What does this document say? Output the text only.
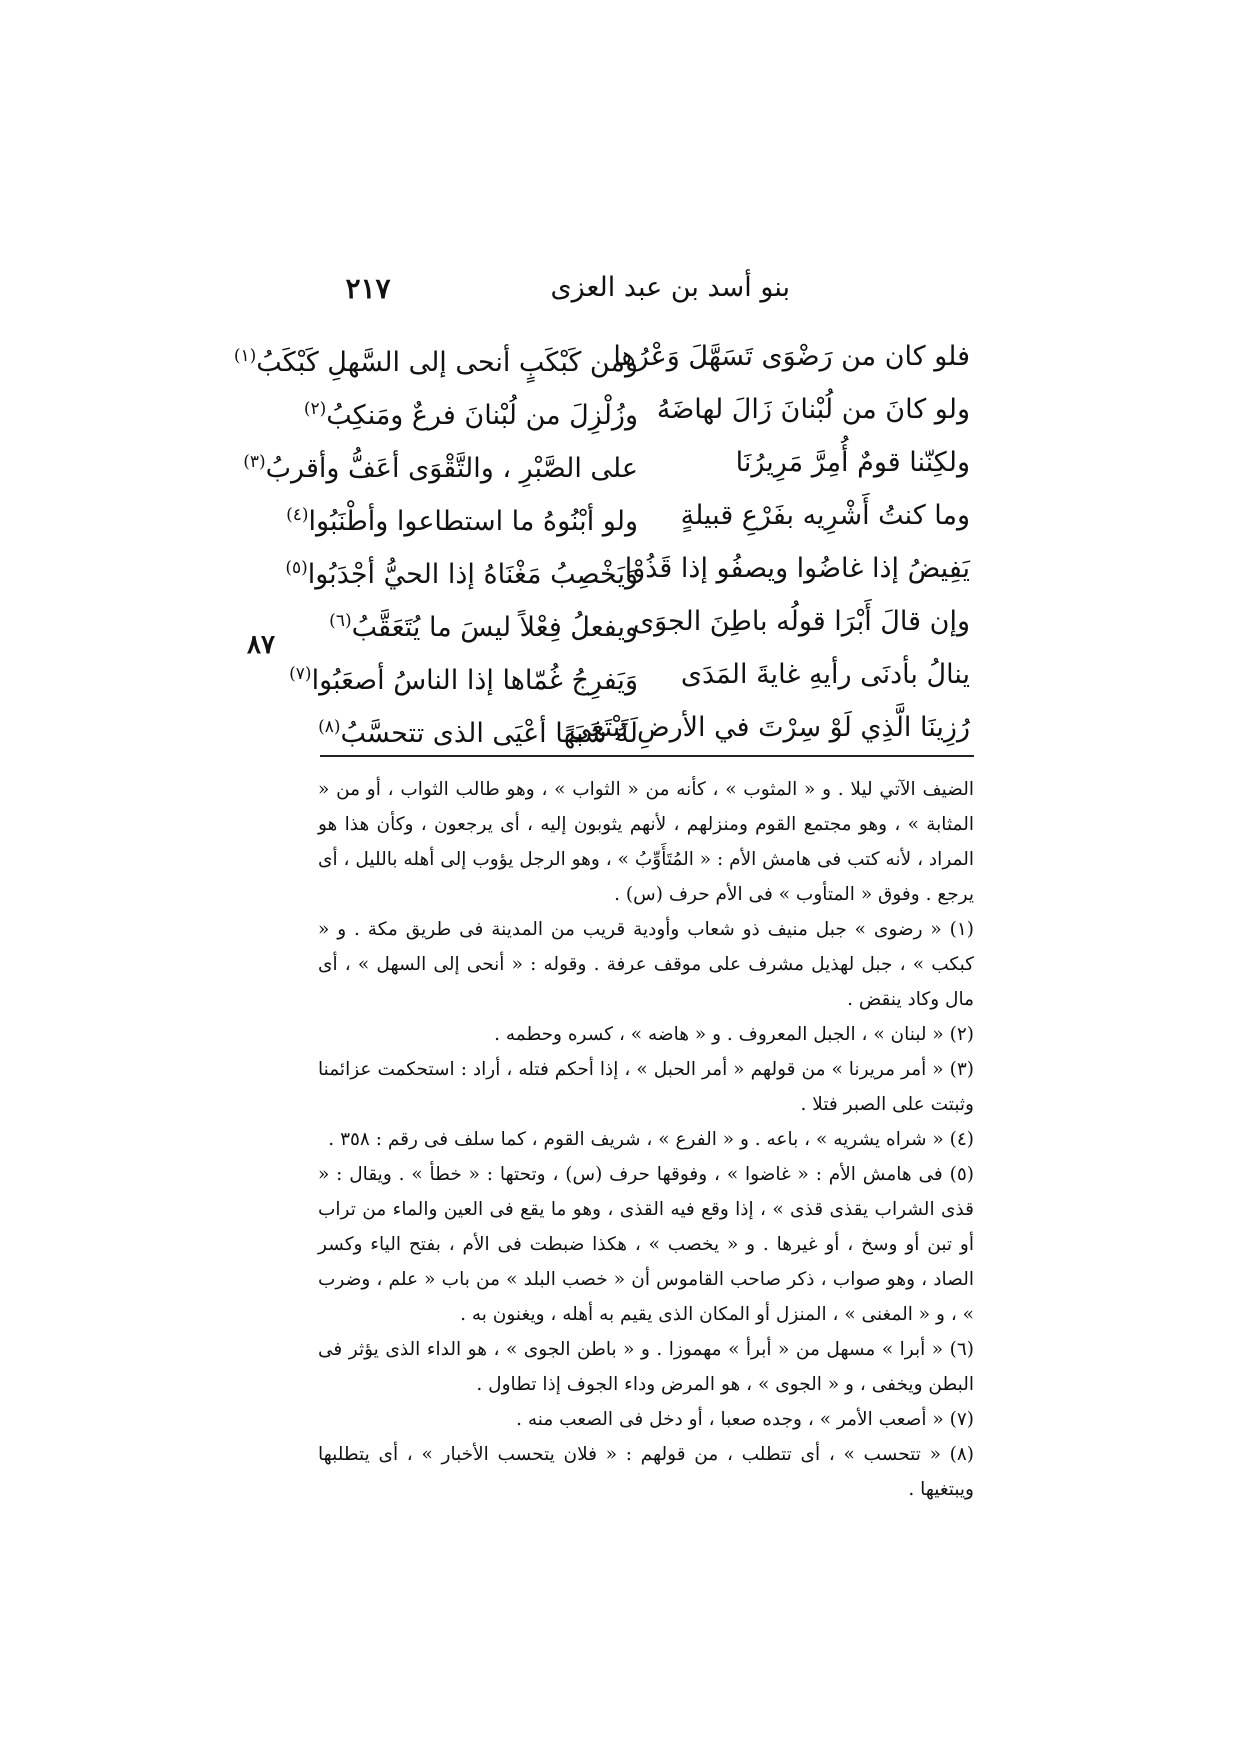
بنو أسد بن عبد العزى
٢١٧
٨٧
فلو كان من رَضْوَى تَسَهَّلَ وَعْرُها
ومن كَبْكَبٍ أنحى إلى السَّهلِ كَبْكَبُ$^{(١)}$
ولو كانَ من لُبْنانَ زَالَ لهاضَهُ
وزُلْزِلَ من لُبْنانَ فرعٌ ومَنكِبُ$^{(٢)}$
ولكِنّنا قومٌ أُمِرَّ مَرِيرُنَا
على الصَّبْرِ ، والتَّقْوَى أعَفُّ وأقربُ$^{(٣)}$
وما كنتُ أَشْرِيه بفَرْعِ قبيلةٍ
ولو أبْنُوهُ ما استطاعوا وأطْنَبُوا$^{(٤)}$
يَفِيضُ إذا غاضُوا ويصفُو إذا قَذُوْا
وَيَخْصِبُ مَغْنَاهُ إذا الحيُّ أجْدَبُوا$^{(٥)}$
وإن قالَ أَبْرَا قولُه باطِنَ الجوَى
ويفعلُ فِعْلاً ليسَ ما يُتَعَقَّبُ$^{(٦)}$
ينالُ بأدنَى رأيهِ غايةَ المَدَى
وَيَفرِجُ غُمّاها إذا الناسُ أصعَبُوا$^{(٧)}$
رُزِينَا الَّذِي لَوْ سِرْتَ في الأرضِ تَبْتَغِي
لَهُ شَبَهًا أعْيَى الذى تتحسَّبُ$^{(٨)}$

الضيف الآتي ليلا . و « المثوب » ، كأنه من « الثواب » ، وهو طالب الثواب ، أو من « المثابة » ، وهو مجتمع القوم ومنزلهم ، لأنهم يثوبون إليه ، أى يرجعون ، وكأن هذا هو المراد ، لأنه كتب فى هامش الأم : « المُتَأَوِّبُ » ، وهو الرجل يؤوب إلى أهله بالليل ، أى يرجع . وفوق « المتأوب » فى الأم حرف (س) .

(١) « رضوى » جبل منيف ذو شعاب وأودية قريب من المدينة فى طريق مكة . و « كبكب » ، جبل لهذيل مشرف على موقف عرفة . وقوله : « أنحى إلى السهل » ، أى مال وكاد ينقض .

(٢) « لبنان » ، الجبل المعروف . و « هاضه » ، كسره وحطمه .

(٣) « أمر مريرنا » من قولهم « أمر الحبل » ، إذا أحكم فتله ، أراد : استحكمت عزائمنا وثبتت على الصبر فتلا .

(٤) « شراه يشريه » ، باعه . و « الفرع » ، شريف القوم ، كما سلف فى رقم : ٣٥٨ .

(٥) فى هامش الأم : « غاضوا » ، وفوقها حرف (س) ، وتحتها : « خطأ » . ويقال : « قذى الشراب يقذى قذى » ، إذا وقع فيه القذى ، وهو ما يقع فى العين والماء من تراب أو تبن أو وسخ ، أو غيرها . و « يخصب » ، هكذا ضبطت فى الأم ، بفتح الياء وكسر الصاد ، وهو صواب ، ذكر صاحب القاموس أن « خصب البلد » من باب « علم ، وضرب » ، و « المغنى » ، المنزل أو المكان الذى يقيم به أهله ، ويغنون به .

(٦) « أبرا » مسهل من « أبرأ » مهموزا . و « باطن الجوى » ، هو الداء الذى يؤثر فى البطن ويخفى ، و « الجوى » ، هو المرض وداء الجوف إذا تطاول .

(٧) « أصعب الأمر » ، وجده صعبا ، أو دخل فى الصعب منه .

(٨) « تتحسب » ، أى تتطلب ، من قولهم : « فلان يتحسب الأخبار » ، أى يتطلبها ويبتغيها .
